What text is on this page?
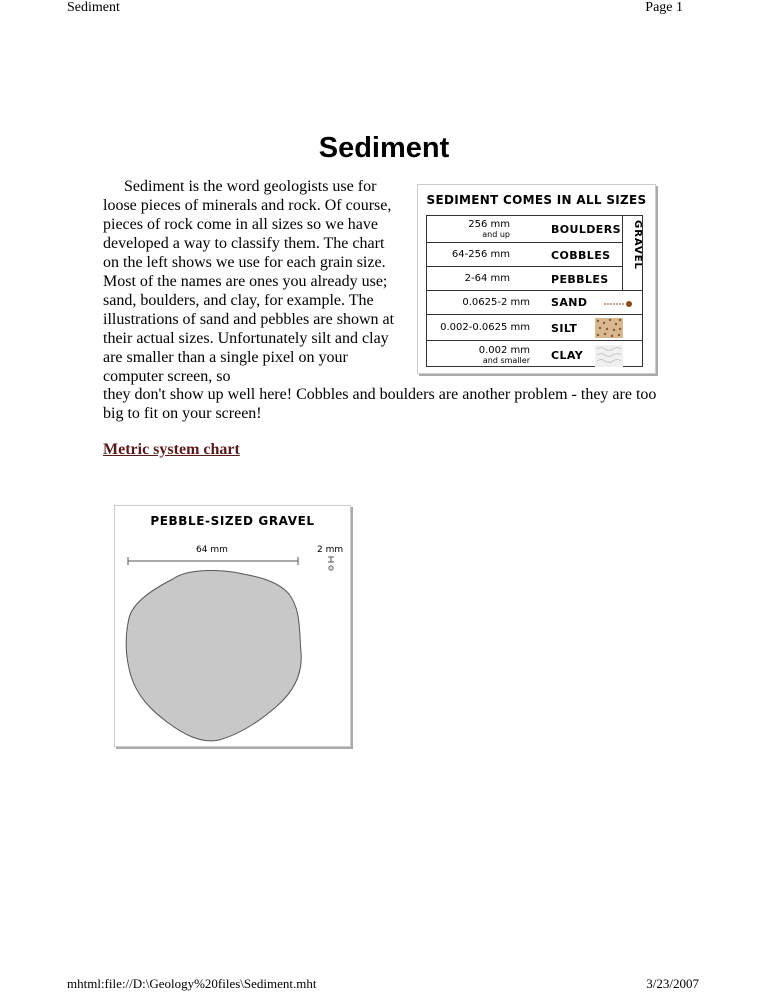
Sediment	Page 1
Sediment

Sediment is the word geologists use for loose pieces of minerals and rock. Of course, pieces of rock come in all sizes so we have developed a way to classify them. The chart on the left shows we use for each grain size. Most of the names are ones you already use; sand, boulders, and clay, for example. The illustrations of sand and pebbles are shown at their actual sizes. Unfortunately silt and clay are smaller than a single pixel on your computer screen, so

they don't show up well here! Cobbles and boulders are another problem - they are too big to fit on your screen!

Metric system chart
SEDIMENT COMES IN ALL SIZES
256 mm
and up	BOULDERS
64-256 mm	COBBLES
2-64 mm	PEBBLES
GRAVEL
0.0625-2 mm SAND
0.002-0.0625 mm SILT
0.002 mm
and smaller CLAY
PEBBLE-SIZED GRAVEL
64 mm	2 mm
mhtml:file://D:\Geology%20files\Sediment.mht	3/23/2007
